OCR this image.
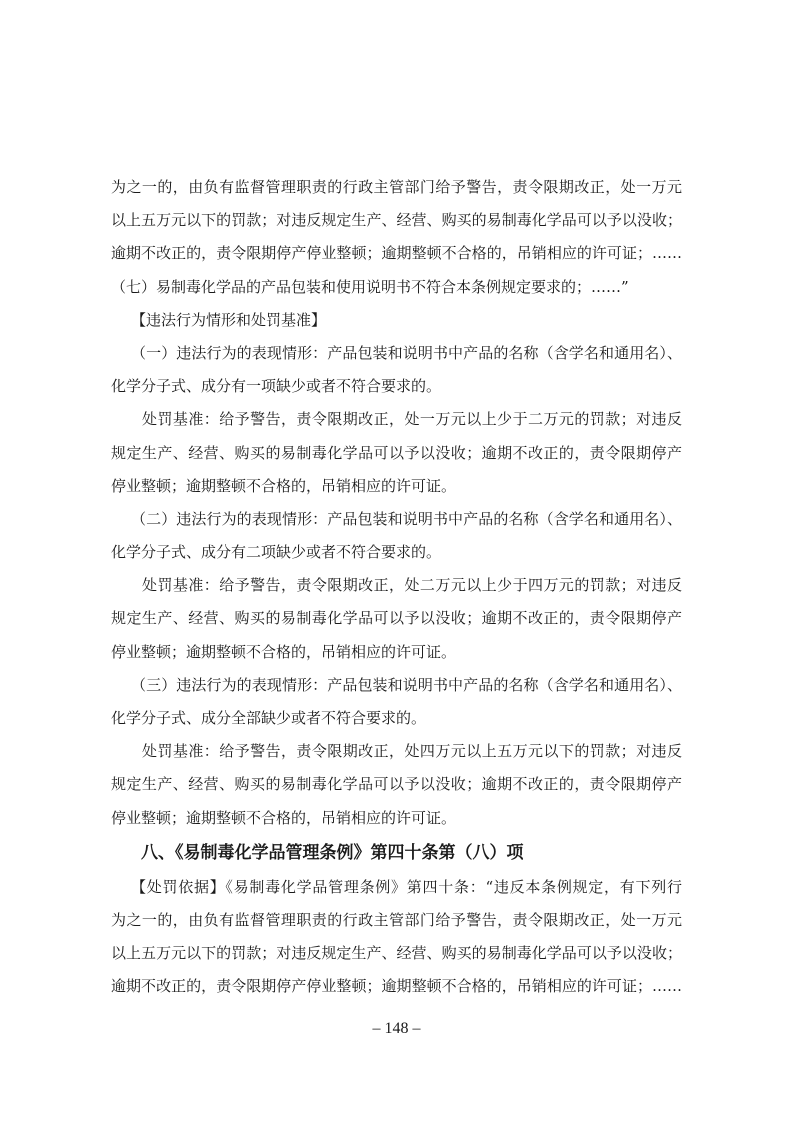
为之一的，由负有监督管理职责的行政主管部门给予警告，责令限期改正，处一万元
以上五万元以下的罚款；对违反规定生产、经营、购买的易制毒化学品可以予以没收；
逾期不改正的，责令限期停产停业整顿；逾期整顿不合格的，吊销相应的许可证；……
（七）易制毒化学品的产品包装和使用说明书不符合本条例规定要求的；……”
【违法行为情形和处罚基准】
（一）违法行为的表现情形：产品包装和说明书中产品的名称（含学名和通用名）、
化学分子式、成分有一项缺少或者不符合要求的。
处罚基准：给予警告，责令限期改正，处一万元以上少于二万元的罚款；对违反
规定生产、经营、购买的易制毒化学品可以予以没收；逾期不改正的，责令限期停产
停业整顿；逾期整顿不合格的，吊销相应的许可证。
（二）违法行为的表现情形：产品包装和说明书中产品的名称（含学名和通用名）、
化学分子式、成分有二项缺少或者不符合要求的。
处罚基准：给予警告，责令限期改正，处二万元以上少于四万元的罚款；对违反
规定生产、经营、购买的易制毒化学品可以予以没收；逾期不改正的，责令限期停产
停业整顿；逾期整顿不合格的，吊销相应的许可证。
（三）违法行为的表现情形：产品包装和说明书中产品的名称（含学名和通用名）、
化学分子式、成分全部缺少或者不符合要求的。
处罚基准：给予警告，责令限期改正，处四万元以上五万元以下的罚款；对违反
规定生产、经营、购买的易制毒化学品可以予以没收；逾期不改正的，责令限期停产
停业整顿；逾期整顿不合格的，吊销相应的许可证。
八、《易制毒化学品管理条例》第四十条第（八）项
【处罚依据】《易制毒化学品管理条例》第四十条：“违反本条例规定，有下列行
为之一的，由负有监督管理职责的行政主管部门给予警告，责令限期改正，处一万元
以上五万元以下的罚款；对违反规定生产、经营、购买的易制毒化学品可以予以没收；
逾期不改正的，责令限期停产停业整顿；逾期整顿不合格的，吊销相应的许可证；……
– 148 –
